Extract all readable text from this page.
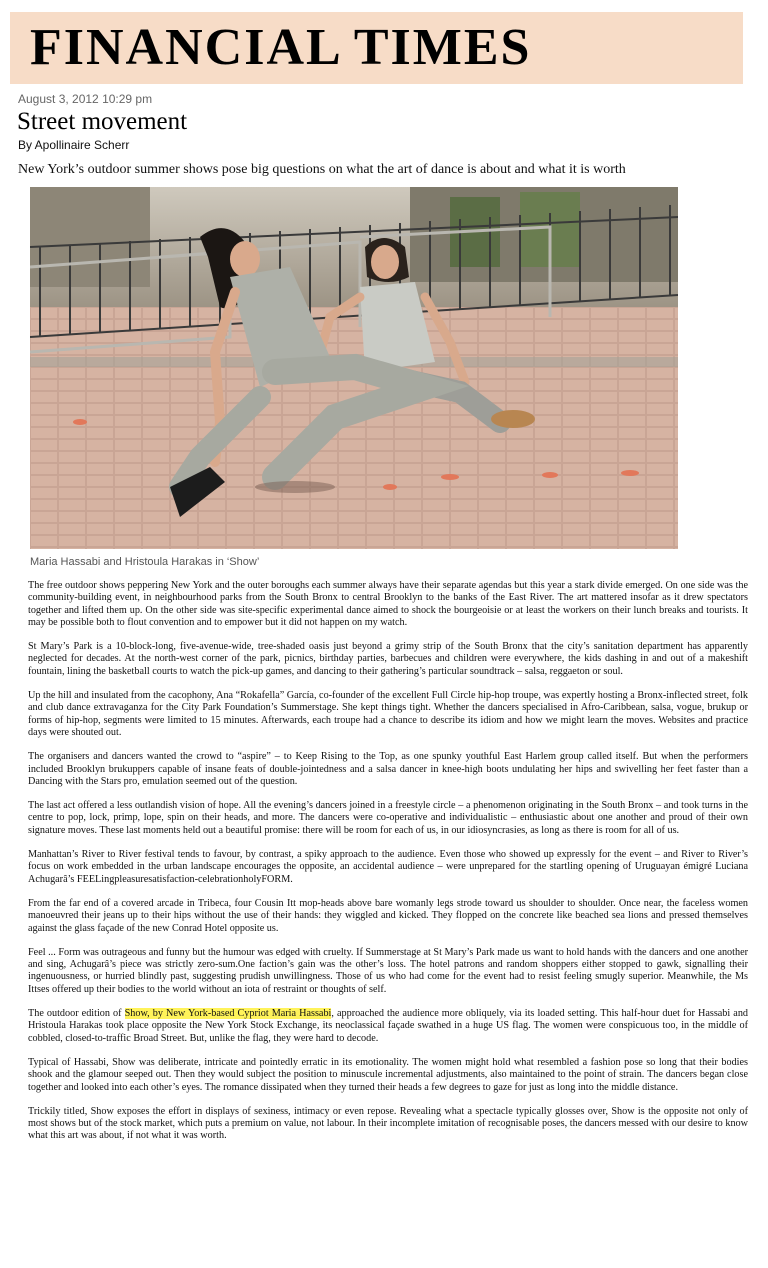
FINANCIAL TIMES
August 3, 2012 10:29 pm
Street movement
By Apollinaire Scherr
New York’s outdoor summer shows pose big questions on what the art of dance is about and what it is worth
Maria Hassabi and Hristoula Harakas in ‘Show’

The free outdoor shows peppering New York and the outer boroughs each summer always have their separate agendas but this year a stark divide emerged. On one side was the community-building event, in neighbourhood parks from the South Bronx to central Brooklyn to the banks of the East River. The art mattered insofar as it drew spectators together and lifted them up. On the other side was site-specific experimental dance aimed to shock the bourgeoisie or at least the workers on their lunch breaks and tourists. It may be possible both to flout convention and to empower but it did not happen on my watch.

St Mary’s Park is a 10-block-long, five-avenue-wide, tree-shaded oasis just beyond a grimy strip of the South Bronx that the city’s sanitation department has apparently neglected for decades. At the north-west corner of the park, picnics, birthday parties, barbecues and children were everywhere, the kids dashing in and out of a makeshift fountain, lining the basketball courts to watch the pick-up games, and dancing to their gathering’s particular soundtrack – salsa, reggaeton or soul.

Up the hill and insulated from the cacophony, Ana “Rokafella” García, co-founder of the excellent Full Circle hip-hop troupe, was expertly hosting a Bronx-inflected street, folk and club dance extravaganza for the City Park Foundation’s Summerstage. She kept things tight. Whether the dancers specialised in Afro-Caribbean, salsa, vogue, brukup or forms of hip-hop, segments were limited to 15 minutes. Afterwards, each troupe had a chance to describe its idiom and how we might learn the moves. Websites and practice days were shouted out.

The organisers and dancers wanted the crowd to “aspire” – to Keep Rising to the Top, as one spunky youthful East Harlem group called itself. But when the performers included Brooklyn brukuppers capable of insane feats of double-jointedness and a salsa dancer in knee-high boots undulating her hips and swivelling her feet faster than a Dancing with the Stars pro, emulation seemed out of the question.

The last act offered a less outlandish vision of hope. All the evening’s dancers joined in a freestyle circle – a phenomenon originating in the South Bronx – and took turns in the centre to pop, lock, primp, lope, spin on their heads, and more. The dancers were co-operative and individualistic – enthusiastic about one another and proud of their own signature moves. These last moments held out a beautiful promise: there will be room for each of us, in our idiosyncrasies, as long as there is room for all of us.

Manhattan’s River to River festival tends to favour, by contrast, a spiky approach to the audience. Even those who showed up expressly for the event – and River to River’s focus on work embedded in the urban landscape encourages the opposite, an accidental audience – were unprepared for the startling opening of Uruguayan émigré Luciana Achugarâ’s FEELingpleasuresatisfaction-celebrationholyFORM.

From the far end of a covered arcade in Tribeca, four Cousin Itt mop-heads above bare womanly legs strode toward us shoulder to shoulder. Once near, the faceless women manoeuvred their jeans up to their hips without the use of their hands: they wiggled and kicked. They flopped on the concrete like beached sea lions and pressed themselves against the glass façade of the new Conrad Hotel opposite us.

Feel ... Form was outrageous and funny but the humour was edged with cruelty. If Summerstage at St Mary’s Park made us want to hold hands with the dancers and one another and sing, Achugarâ’s piece was strictly zero-sum.One faction’s gain was the other’s loss. The hotel patrons and random shoppers either stopped to gawk, signalling their ingenuousness, or hurried blindly past, suggesting prudish unwillingness. Those of us who had come for the event had to resist feeling smugly superior. Meanwhile, the Ms Ittses offered up their bodies to the world without an iota of restraint or thoughts of self.

The outdoor edition of Show, by New York-based Cypriot Maria Hassabi, approached the audience more obliquely, via its loaded setting. This half-hour duet for Hassabi and Hristoula Harakas took place opposite the New York Stock Exchange, its neoclassical façade swathed in a huge US flag. The women were conspicuous too, in the middle of cobbled, closed-to-traffic Broad Street. But, unlike the flag, they were hard to decode.

Typical of Hassabi, Show was deliberate, intricate and pointedly erratic in its emotionality. The women might hold what resembled a fashion pose so long that their bodies shook and the glamour seeped out. Then they would subject the position to minuscule incremental adjustments, also maintained to the point of strain. The dancers began close together and looked into each other’s eyes. The romance dissipated when they turned their heads a few degrees to gaze for just as long into the middle distance.

Trickily titled, Show exposes the effort in displays of sexiness, intimacy or even repose. Revealing what a spectacle typically glosses over, Show is the opposite not only of most shows but of the stock market, which puts a premium on value, not labour. In their incomplete imitation of recognisable poses, the dancers messed with our desire to know what this art was about, if not what it was worth.
